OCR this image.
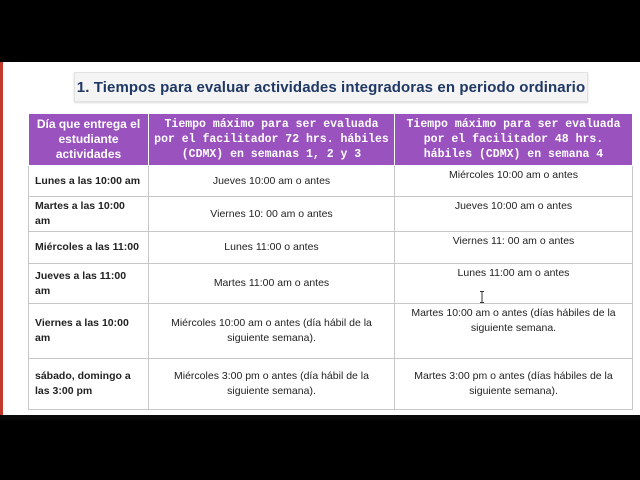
1. Tiempos para evaluar actividades integradoras en periodo ordinario
Día que entrega el estudiante actividades	Tiempo máximo para ser evaluada por el facilitador 72 hrs. hábiles (CDMX) en semanas 1, 2 y 3	Tiempo máximo para ser evaluada por el facilitador 48 hrs. hábiles (CDMX) en semana 4
Lunes a las 10:00 am	Jueves 10:00 am o antes	Miércoles 10:00 am o antes
Martes a las 10:00 am	Viernes 10: 00 am o antes	Jueves 10:00 am o antes
Miércoles a las 11:00	Lunes 11:00 o antes	Viernes 11: 00 am o antes
Jueves a las 11:00 am	Martes 11:00 am o antes	Lunes 11:00 am o antes
Viernes a las 10:00 am	Miércoles 10:00 am o antes (día hábil de la siguiente semana).	Martes 10:00 am o antes (días hábiles de la siguiente semana.
sábado, domingo a las 3:00 pm	Miércoles 3:00 pm o antes (día hábil de la siguiente semana).	Martes 3:00 pm o antes (días hábiles de la siguiente semana).
